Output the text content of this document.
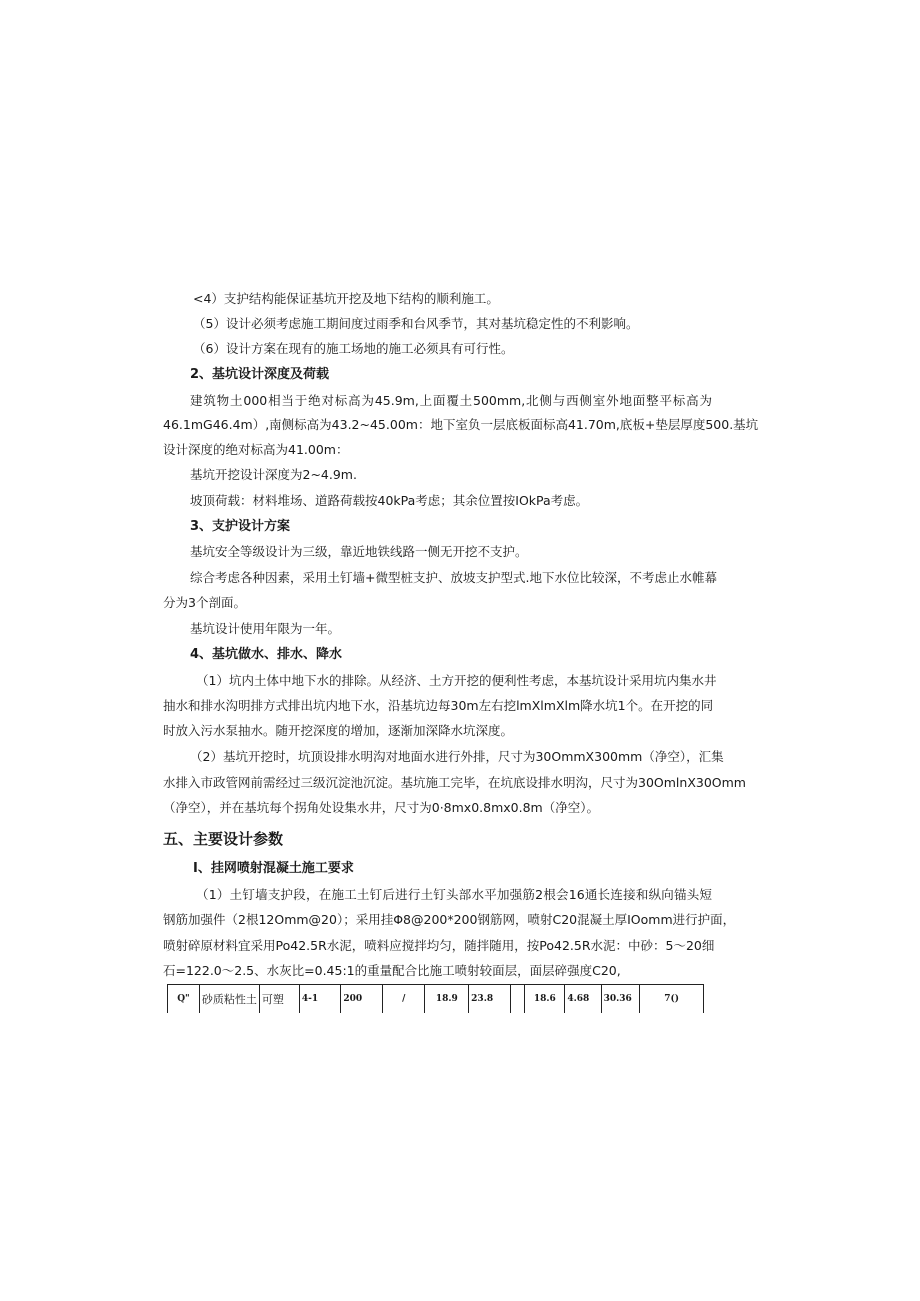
<4）支护结构能保证基坑开挖及地下结构的顺利施工。
（5）设计必须考虑施工期间度过雨季和台风季节，其对基坑稳定性的不利影响。
（6）设计方案在现有的施工场地的施工必须具有可行性。
2、基坑设计深度及荷载
建筑物土000相当于绝对标高为45.9m,上面覆土500mm,北侧与西侧室外地面整平标高为
46.1mG46.4m）,南侧标高为43.2~45.00m：地下室负一层底板面标高41.70m,底板+垫层厚度500.基坑
设计深度的绝对标高为41.00m：
基坑开挖设计深度为2~4.9m.
坡顶荷载：材料堆场、道路荷载按40kPa考虑；其余位置按IOkPa考虑。
3、支护设计方案
基坑安全等级设计为三级，靠近地铁线路一侧无开挖不支护。
综合考虑各种因素，采用土钉墙+微型桩支护、放坡支护型式.地下水位比较深，不考虑止水帷幕
分为3个剖面。
基坑设计使用年限为一年。
4、基坑做水、排水、降水
（1）坑内土体中地下水的排除。从经济、土方开挖的便利性考虑，本基坑设计采用坑内集水井
抽水和排水沟明排方式排出坑内地下水，沿基坑边每30m左右挖lmXlmXlm降水坑1个。在开挖的同
时放入污水泵抽水。随开挖深度的增加，逐渐加深降水坑深度。
（2）基坑开挖时，坑顶设排水明沟对地面水进行外排，尺寸为30OmmX300mm（净空），汇集
水排入市政管网前需经过三级沉淀池沉淀。基坑施工完毕，在坑底设排水明沟，尺寸为30OmlnX30Omm
（净空），并在基坑每个拐角处设集水井，尺寸为0·8mx0.8mx0.8m（净空）。
五、主要设计参数
I、挂网喷射混凝土施工要求
（1）土钉墙支护段，在施工土钉后进行土钉头部水平加强筋2根会16通长连接和纵向锚头短
钢筋加强件（2根12Omm@20）；采用挂Φ8@200*200钢筋网，喷射C20混凝土厚IOomm进行护面，
喷射碎原材料宜采用Po42.5R水泥，喷料应搅拌均匀，随拌随用，按Po42.5R水泥：中砂：5〜20细
石=122.0〜2.5、水灰比=0.45:1的重量配合比施工喷射较面层，面层碎强度C20,
Q"	砂质粘性土	可塑	4-1	200	/	18.9	23.8		18.6	4.68	30.36	7()
